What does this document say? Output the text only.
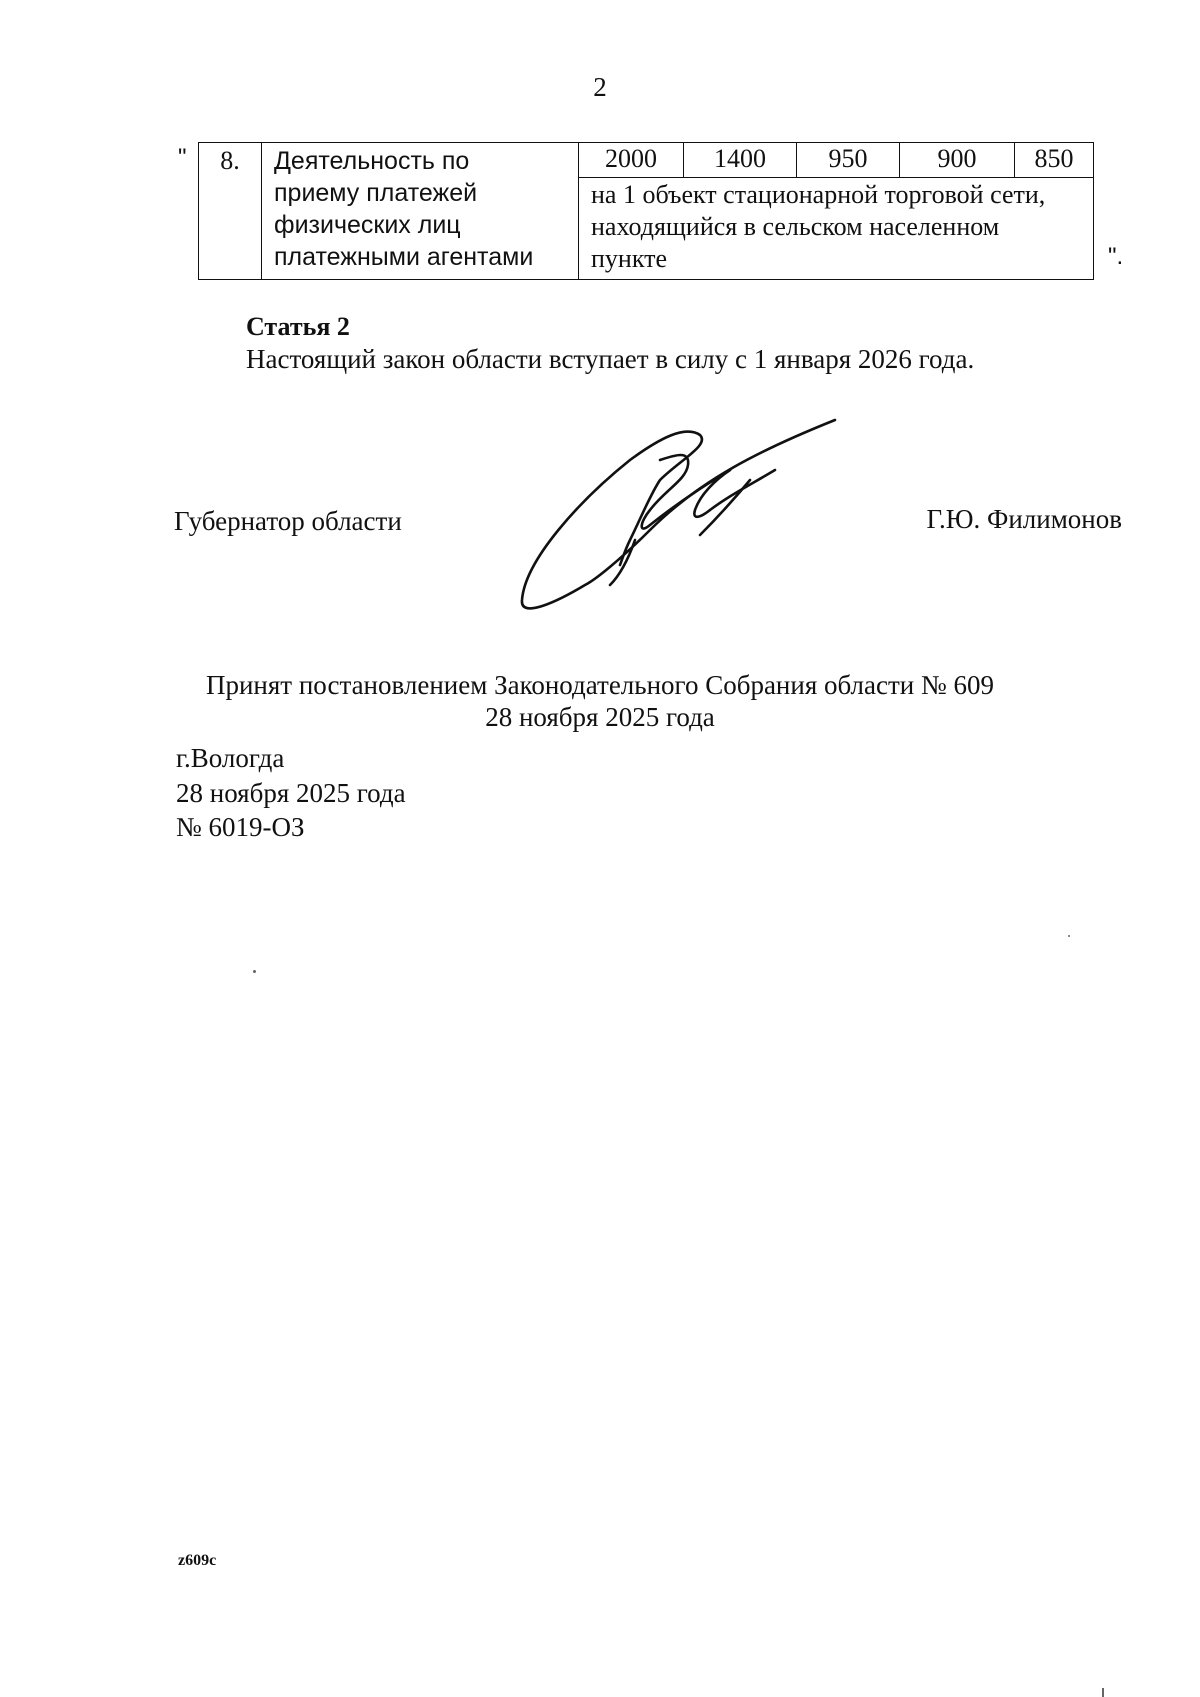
2
" 8.	Деятельность по
приему платежей
физических лиц
платежными агентами
	2000	1400	950	900	850

на 1 объект стационарной торговой сети,
находящийся в сельском населенном
пункте	".
Статья 2
Настоящий закон области вступает в силу с 1 января 2026 года.
Губернатор области	Г.Ю. Филимонов
Принят постановлением Законодательного Собрания области № 609
28 ноября 2025 года
г.Вологда
28 ноября 2025 года
№ 6019-ОЗ
z609c
